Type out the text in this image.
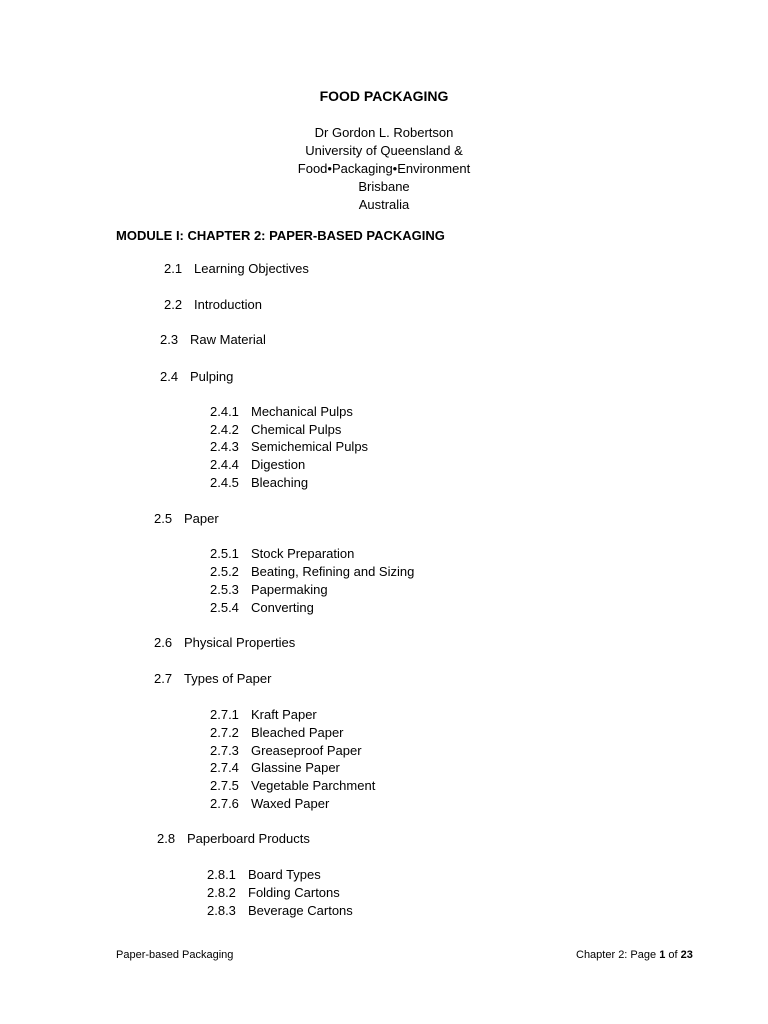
FOOD PACKAGING
Dr Gordon L. Robertson
University of Queensland &
Food•Packaging•Environment
Brisbane
Australia
MODULE I: CHAPTER 2: PAPER-BASED PACKAGING
2.1 Learning Objectives
2.2 Introduction
2.3 Raw Material
2.4 Pulping
2.4.1 Mechanical Pulps
2.4.2 Chemical Pulps
2.4.3 Semichemical Pulps
2.4.4 Digestion
2.4.5 Bleaching
2.5 Paper
2.5.1 Stock Preparation
2.5.2 Beating, Refining and Sizing
2.5.3 Papermaking
2.5.4 Converting
2.6 Physical Properties
2.7 Types of Paper
2.7.1 Kraft Paper
2.7.2 Bleached Paper
2.7.3 Greaseproof Paper
2.7.4 Glassine Paper
2.7.5 Vegetable Parchment
2.7.6 Waxed Paper
2.8 Paperboard Products
2.8.1 Board Types
2.8.2 Folding Cartons
2.8.3 Beverage Cartons
Paper-based Packaging	Chapter 2: Page 1 of 23
